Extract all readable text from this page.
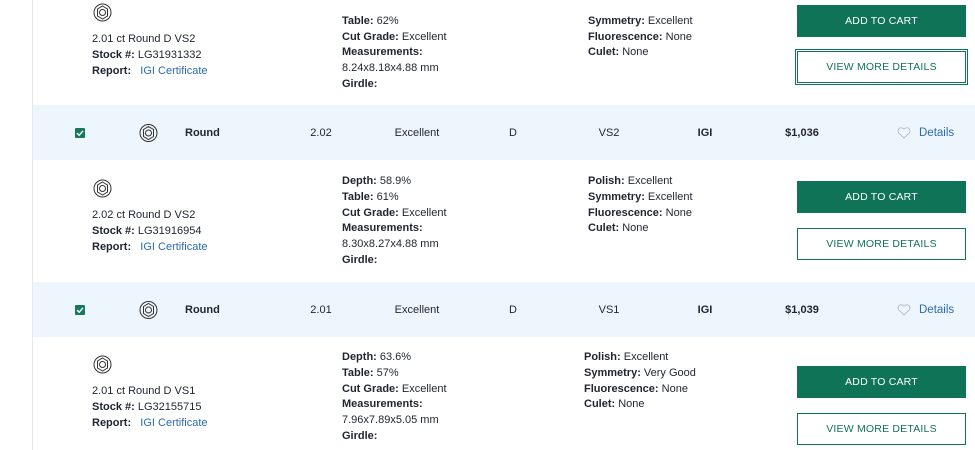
2.01 ct Round D VS2
Stock #: LG31931332
Report: IGI Certificate
Table: 62%
Cut Grade: Excellent
Measurements:
8.24x8.18x4.88 mm
Girdle:
Symmetry: Excellent
Fluorescence: None
Culet: None
ADD TO CART
VIEW MORE DETAILS
Round	2.02	Excellent	D	VS2	IGI	$1,036	Details
2.02 ct Round D VS2
Stock #: LG31916954
Report: IGI Certificate
Depth: 58.9%
Table: 61%
Cut Grade: Excellent
Measurements:
8.30x8.27x4.88 mm
Girdle:
Polish: Excellent
Symmetry: Excellent
Fluorescence: None
Culet: None
ADD TO CART
VIEW MORE DETAILS
Round	2.01	Excellent	D	VS1	IGI	$1,039	Details
2.01 ct Round D VS1
Stock #: LG32155715
Report: IGI Certificate
Depth: 63.6%
Table: 57%
Cut Grade: Excellent
Measurements:
7.96x7.89x5.05 mm
Girdle:
Polish: Excellent
Symmetry: Very Good
Fluorescence: None
Culet: None
ADD TO CART
VIEW MORE DETAILS
